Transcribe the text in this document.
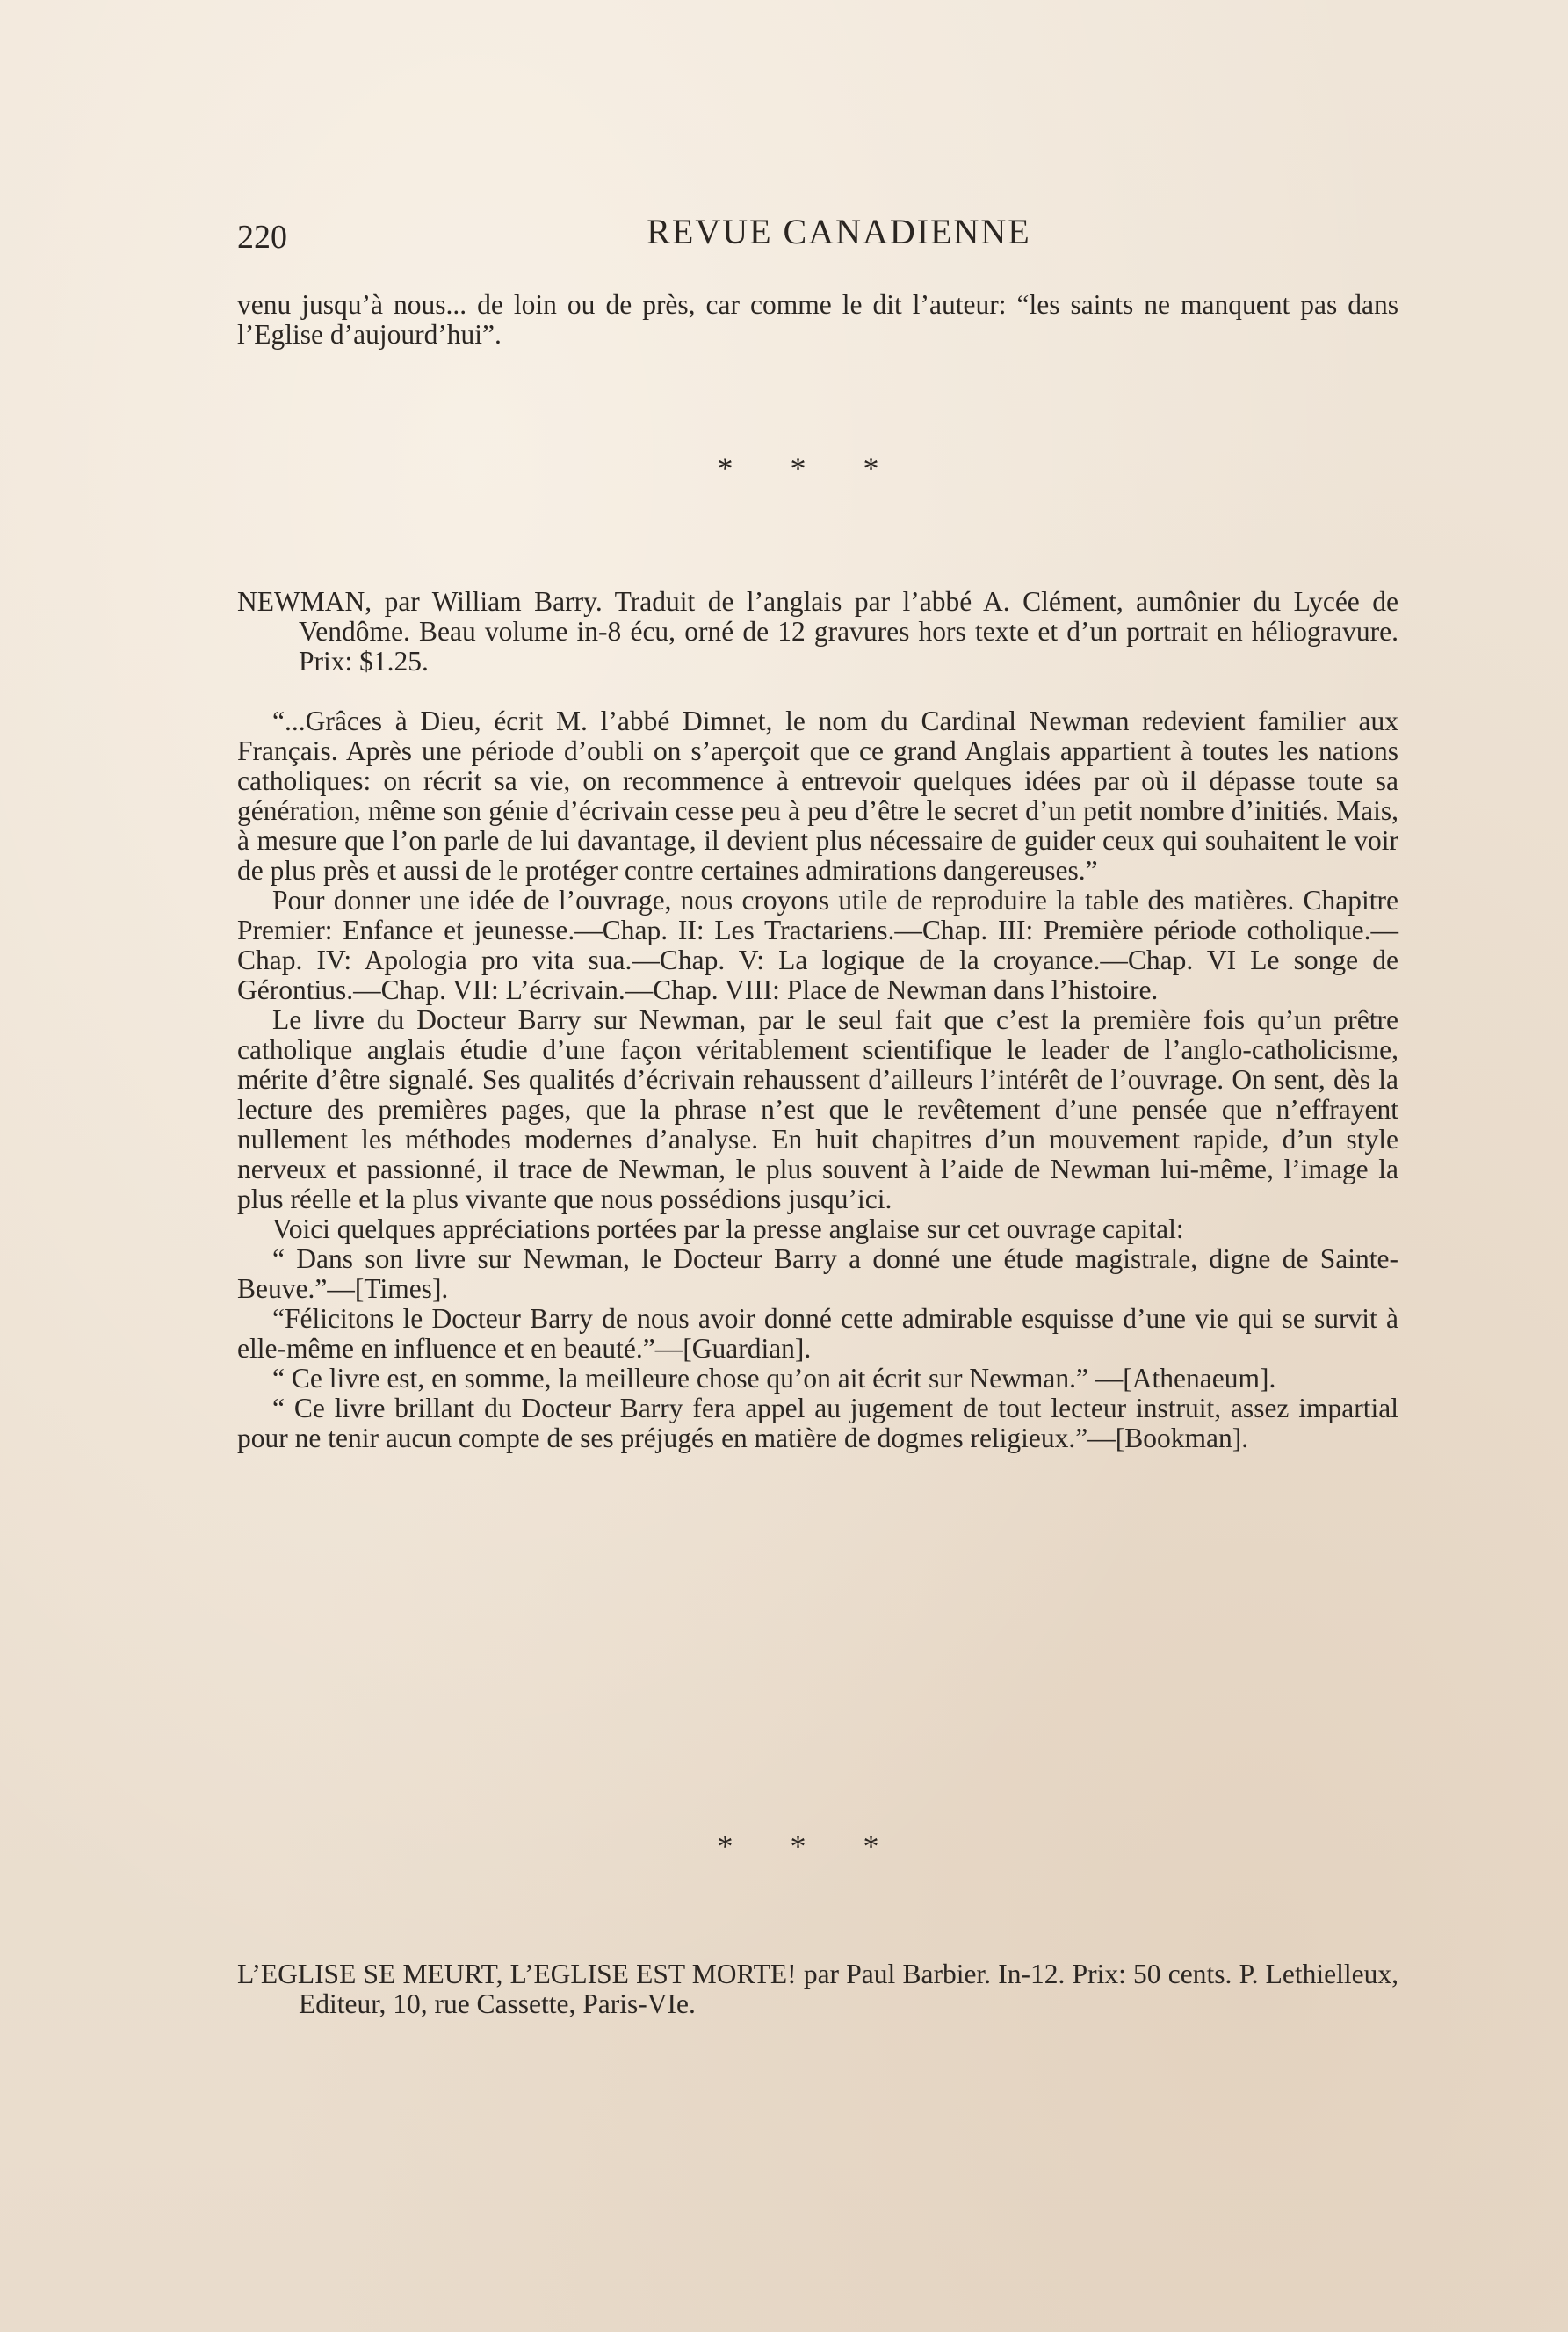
220	REVUE CANADIENNE

venu jusqu’à nous... de loin ou de près, car comme le dit l’auteur: “les saints ne manquent pas dans l’Eglise d’aujourd’hui”.

* * *

NEWMAN, par William Barry. Traduit de l’anglais par l’abbé A. Clément, aumônier du Lycée de Vendôme. Beau volume in-8 écu, orné de 12 gravures hors texte et d’un portrait en héliogravure. Prix: $1.25.

“...Grâces à Dieu, écrit M. l’abbé Dimnet, le nom du Cardinal Newman redevient familier aux Français. Après une période d’oubli on s’aperçoit que ce grand Anglais appartient à toutes les nations catholiques: on récrit sa vie, on recommence à entrevoir quelques idées par où il dépasse toute sa génération, même son génie d’écrivain cesse peu à peu d’être le secret d’un petit nombre d’initiés. Mais, à mesure que l’on parle de lui davantage, il devient plus nécessaire de guider ceux qui souhaitent le voir de plus près et aussi de le protéger contre certaines admirations dangereuses.”

Pour donner une idée de l’ouvrage, nous croyons utile de reproduire la table des matières. Chapitre Premier: Enfance et jeunesse.—Chap. II: Les Tractariens.—Chap. III: Première période cotholique.—Chap. IV: Apologia pro vita sua.—Chap. V: La logique de la croyance.—Chap. VI Le songe de Gérontius.—Chap. VII: L’écrivain.—Chap. VIII: Place de Newman dans l’histoire.

Le livre du Docteur Barry sur Newman, par le seul fait que c’est la première fois qu’un prêtre catholique anglais étudie d’une façon véritablement scientifique le leader de l’anglo-catholicisme, mérite d’être signalé. Ses qualités d’écrivain rehaussent d’ailleurs l’intérêt de l’ouvrage. On sent, dès la lecture des premières pages, que la phrase n’est que le revêtement d’une pensée que n’effrayent nullement les méthodes modernes d’analyse. En huit chapitres d’un mouvement rapide, d’un style nerveux et passionné, il trace de Newman, le plus souvent à l’aide de Newman lui-même, l’image la plus réelle et la plus vivante que nous possédions jusqu’ici.

Voici quelques appréciations portées par la presse anglaise sur cet ouvrage capital:

“ Dans son livre sur Newman, le Docteur Barry a donné une étude magistrale, digne de Sainte-Beuve.”—[Times].

“Félicitons le Docteur Barry de nous avoir donné cette admirable esquisse d’une vie qui se survit à elle-même en influence et en beauté.”—[Guardian].

“ Ce livre est, en somme, la meilleure chose qu’on ait écrit sur Newman.” —[Athenaeum].

“ Ce livre brillant du Docteur Barry fera appel au jugement de tout lecteur instruit, assez impartial pour ne tenir aucun compte de ses préjugés en matière de dogmes religieux.”—[Bookman].

* * *

L’EGLISE SE MEURT, L’EGLISE EST MORTE! par Paul Barbier. In-12. Prix: 50 cents. P. Lethielleux, Editeur, 10, rue Cassette, Paris-VIe.
